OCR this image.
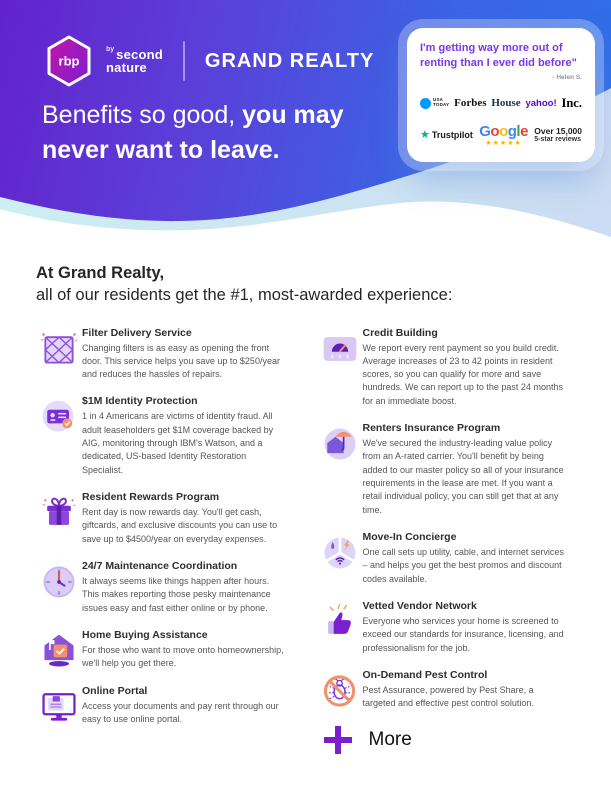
rbp
$^{by}$ second
nature	GRAND REALTY
Benefits so good, you may
never want to leave.
I'm getting way more out of renting than I ever did before"
- Helen S.
USA
TODAY Forbes House yahoo! Inc.
★ Trustpilot Google
★★★★★
Over 15,000
5-star reviews
At Grand Realty,
all of our residents get the #1, most-awarded experience:
Filter Delivery Service
Changing filters is as easy as opening the front door. This service helps you save up to $250/year and reduces the hassles of repairs.
$1M Identity Protection
1 in 4 Americans are victims of identity fraud. All adult leaseholders get $1M coverage backed by AIG, monitoring through IBM's Watson, and a dedicated, US-based Identity Restoration Specialist.
Resident Rewards Program
Rent day is now rewards day. You'll get cash, giftcards, and exclusive discounts you can use to save up to $4500/year on everyday expenses.
24/7 Maintenance Coordination
It always seems like things happen after hours. This makes reporting those pesky maintenance issues easy and fast either online or by phone.
Home Buying Assistance
For those who want to move onto homeownership, we'll help you get there.
Online Portal
Access your documents and pay rent through our easy to use online portal.
★ ★ ★
Credit Building
We report every rent payment so you build credit. Average increases of 23 to 42 points in resident scores, so you can qualify for more and save hundreds. We can report up to the past 24 months for an immediate boost.
Renters Insurance Program
We've secured the industry-leading value policy from an A-rated carrier. You'll benefit by being added to our master policy so all of your insurance requirements in the lease are met. If you want a retail individual policy, you can still get that at any time.
Move-In Concierge
One call sets up utility, cable, and internet services – and helps you get the best promos and discount codes available.
Vetted Vendor Network
Everyone who services your home is screened to exceed our standards for insurance, licensing, and professionalism for the job.
On-Demand Pest Control
Pest Assurance, powered by Pest Share, a targeted and effective pest control solution.
More
